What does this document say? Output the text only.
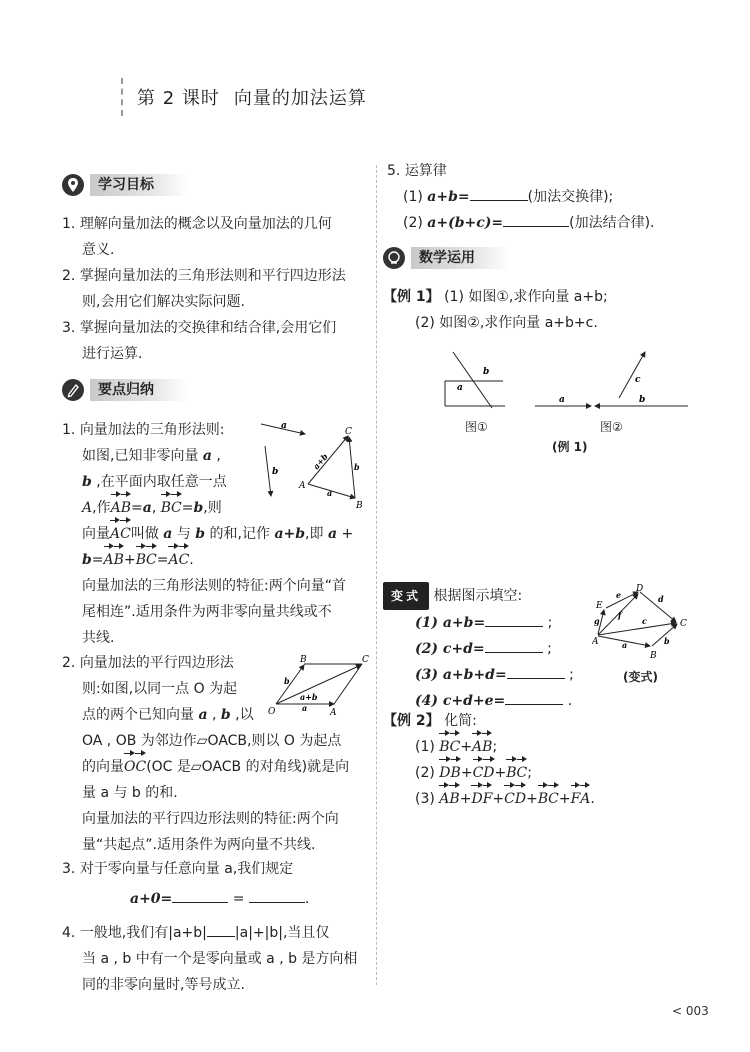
第 2 课时 向量的加法运算
学习目标
1. 理解向量加法的概念以及向量加法的几何
意义.
2. 掌握向量加法的三角形法则和平行四边形法
则,会用它们解决实际问题.
3. 掌握向量加法的交换律和结合律,会用它们
进行运算.
要点归纳
1. 向量加法的三角形法则:
如图,已知非零向量 a ,
b ,在平面内取任意一点
A,作AB=a, BC=b,则
向量AC叫做 a 与 b 的和,记作 a+b,即 a +
b=AB+BC=AC.
向量加法的三角形法则的特征:两个向量“首
尾相连”.适用条件为两非零向量共线或不
共线.
a
b
a+b
a
b
A
B
C
2. 向量加法的平行四边形法
则:如图,以同一点 O 为起
点的两个已知向量 a , b ,以
OA , OB 为邻边作▱OACB,则以 O 为起点
的向量OC(OC 是▱OACB 的对角线)就是向
量 a 与 b 的和.
向量加法的平行四边形法则的特征:两个向
量“共起点”.适用条件为两向量不共线.
B	C
O	A
b
a+b
a
3. 对于零向量与任意向量 a,我们规定
a+0=	=	.
4. 一般地,我们有|a+b| |a|+|b|,当且仅
当 a , b 中有一个是零向量或 a , b 是方向相
同的非零向量时,等号成立.
5. 运算律
(1) a+b=	(加法交换律);
(2) a+(b+c)=	(加法结合律).
数学运用
【例 1】 (1) 如图①,求作向量 a+b;
(2) 如图②,求作向量 a+b+c.
b
a
图①
a	b
c
图②
(例 1)
变式 根据图示填空:
(1) a+b=	;
(2) c+d=	;
(3) a+b+d=	;
(4) c+d+e=	.
A
B
C
D
E
g
e	d
b
a
f
c
(变式)
【例 2】 化简:
(1) BC+AB;
(2) DB+CD+BC;
(3) AB+DF+CD+BC+FA.
< 003
